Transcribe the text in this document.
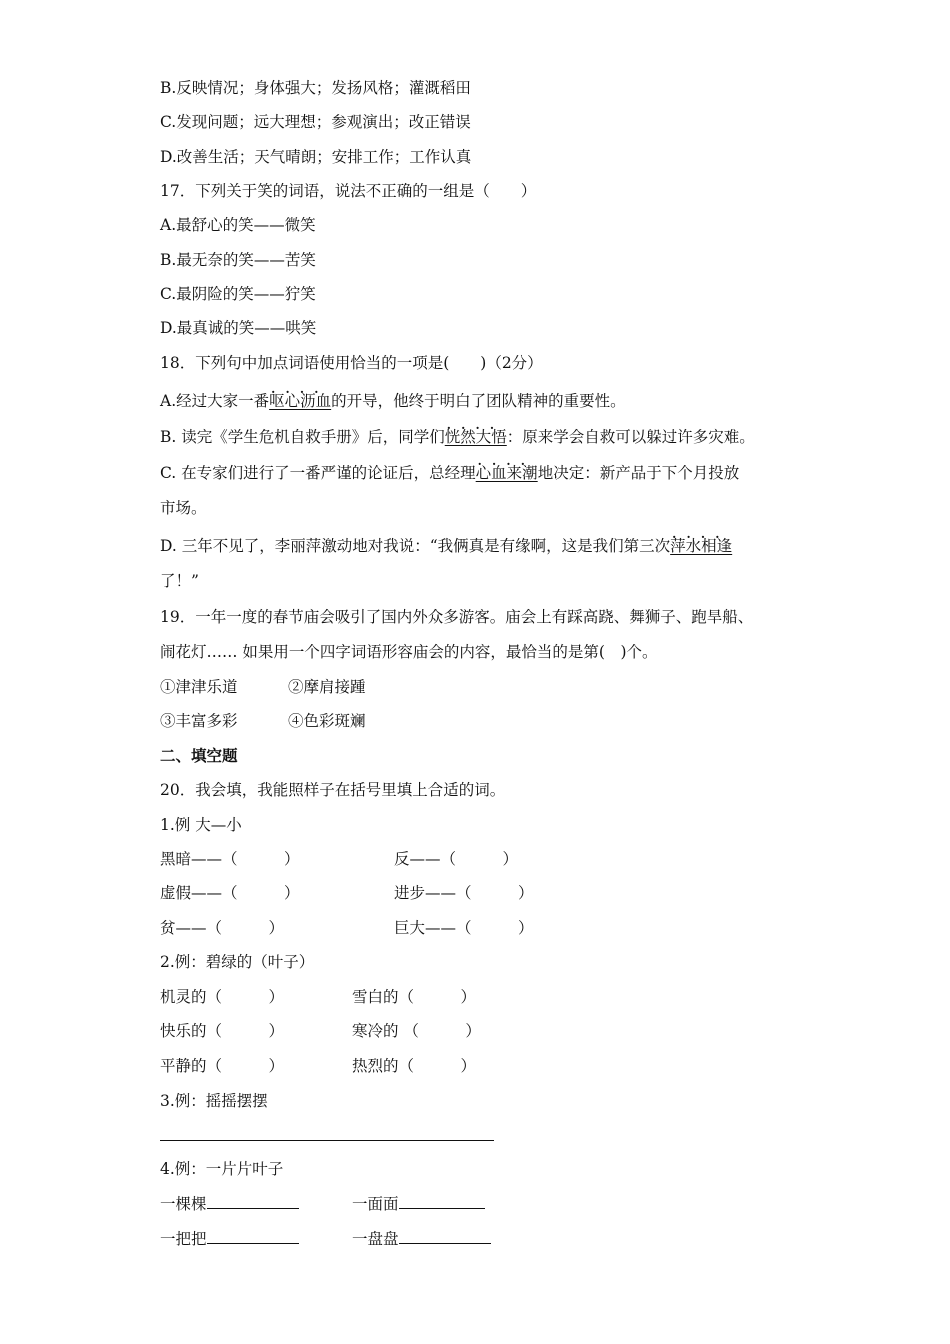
B.反映情况；身体强大；发扬风格；灌溉稻田
C.发现问题；远大理想；参观演出；改正错误
D.改善生活；天气晴朗；安排工作；工作认真
17．下列关于笑的词语，说法不正确的一组是（　　）
A.最舒心的笑——微笑
B.最无奈的笑——苦笑
C.最阴险的笑——狞笑
D.最真诚的笑——哄笑
18．下列句中加点词语使用恰当的一项是(　　)（2分）
A.经过大家一番· · · · 呕心沥血的开导，他终于明白了团队精神的重要性。
B. 读完《学生危机自救手册》后，同学们· · · · 恍然大悟：原来学会自救可以躲过许多灾难。
C. 在专家们进行了一番严谨的论证后，总经理· · · · 心血来潮地决定：新产品于下个月投放
市场。
D. 三年不见了，李丽萍激动地对我说：“我俩真是有缘啊，这是我们第三次· · · · 萍水相逢
了！”
19．一年一度的春节庙会吸引了国内外众多游客。庙会上有踩高跷、舞狮子、跑旱船、
闹花灯…… 如果用一个四字词语形容庙会的内容，最恰当的是第(　)个。
①津津乐道	②摩肩接踵
③丰富多彩	④色彩斑斓
二、填空题
20．我会填，我能照样子在括号里填上合适的词。
1.例 大—小
黑暗——（　　　）	反——（　　　）
虚假——（　　　）	进步——（　　　）
贫——（　　　）	巨大——（　　　）
2.例：碧绿的（叶子）
机灵的（　　　）	雪白的（　　　）
快乐的（　　　）	寒冷的 （　　　）
平静的（　　　）	热烈的（　　　）
3.例：摇摇摆摆
4.例：一片片叶子
一棵棵	一面面
一把把	一盘盘
